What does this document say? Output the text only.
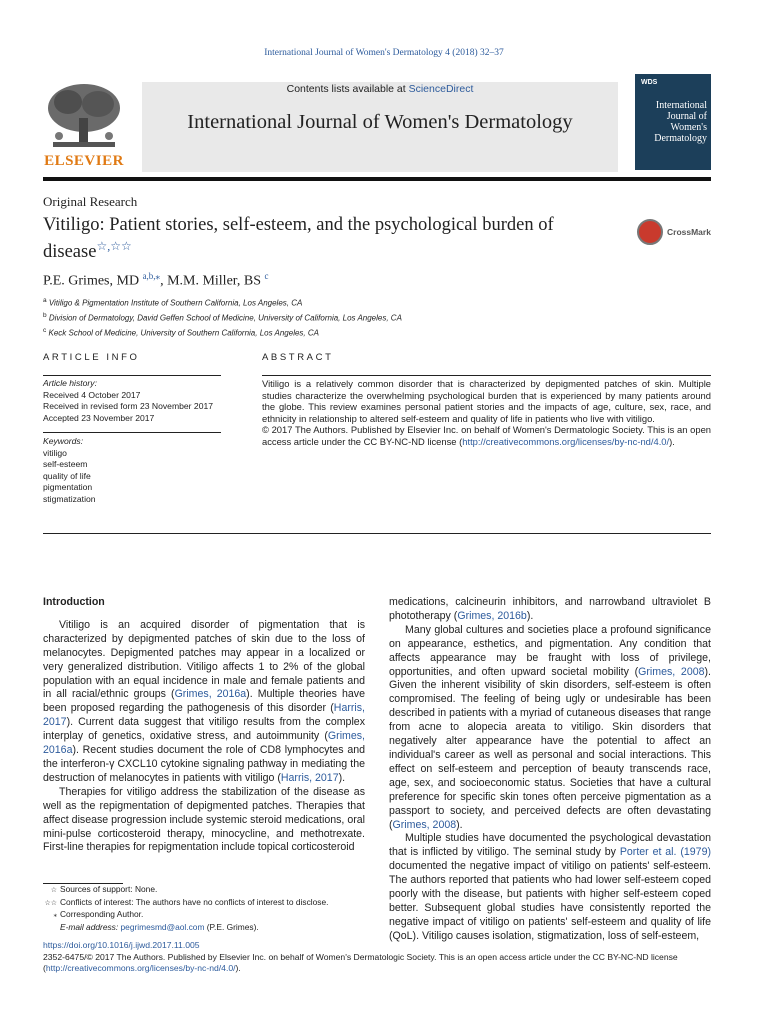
International Journal of Women's Dermatology 4 (2018) 32–37
ELSEVIER
Contents lists available at ScienceDirect
International Journal of Women's Dermatology
WDS
International
Journal of
Women's
Dermatology
Original Research
Vitiligo: Patient stories, self-esteem, and the psychological burden of disease☆,☆☆
CrossMark
P.E. Grimes, MD $^{a,b,⁎}$, M.M. Miller, BS $^c$
$^a$ Vitiligo & Pigmentation Institute of Southern California, Los Angeles, CA
$^b$ Division of Dermatology, David Geffen School of Medicine, University of California, Los Angeles, CA
$^c$ Keck School of Medicine, University of Southern California, Los Angeles, CA
ARTICLE INFO	ABSTRACT
Article history:
Received 4 October 2017
Received in revised form 23 November 2017
Accepted 23 November 2017
Keywords:
vitiligo
self-esteem
quality of life
pigmentation
stigmatization
Vitiligo is a relatively common disorder that is characterized by depigmented patches of skin. Multiple studies characterize the overwhelming psychological burden that is experienced by many patients around the globe. This review examines personal patient stories and the impacts of age, culture, sex, race, and ethnicity in relationship to altered self-esteem and quality of life in patients who live with vitiligo.
© 2017 The Authors. Published by Elsevier Inc. on behalf of Women's Dermatologic Society. This is an open access article under the CC BY-NC-ND license (http://creativecommons.org/licenses/by-nc-nd/4.0/).

Introduction

Vitiligo is an acquired disorder of pigmentation that is characterized by depigmented patches of skin due to the loss of melanocytes. Depigmented patches may appear in a localized or very generalized distribution. Vitiligo affects 1 to 2% of the global population with an equal incidence in male and female patients and in all racial/ethnic groups (Grimes, 2016a). Multiple theories have been proposed regarding the pathogenesis of this disorder (Harris, 2017). Current data suggest that vitiligo results from the complex interplay of genetics, oxidative stress, and autoimmunity (Grimes, 2016a). Recent studies document the role of CD8 lymphocytes and the interferon-γ CXCL10 cytokine signaling pathway in mediating the destruction of melanocytes in patients with vitiligo (Harris, 2017).

Therapies for vitiligo address the stabilization of the disease as well as the repigmentation of depigmented patches. Therapies that affect disease progression include systemic steroid medications, oral mini-pulse corticosteroid therapy, minocycline, and methotrexate. First-line therapies for repigmentation include topical corticosteroid

medications, calcineurin inhibitors, and narrowband ultraviolet B phototherapy (Grimes, 2016b).

Many global cultures and societies place a profound significance on appearance, esthetics, and pigmentation. Any condition that affects appearance may be fraught with loss of privilege, opportunities, and often upward societal mobility (Grimes, 2008). Given the inherent visibility of skin disorders, self-esteem is often compromised. The feeling of being ugly or undesirable has been described in patients with a myriad of cutaneous diseases that range from acne to alopecia areata to vitiligo. Skin disorders that negatively alter appearance have the potential to affect an individual's career as well as personal and social interactions. This effect on self-esteem and perception of beauty transcends race, age, sex, and socioeconomic status. Societies that have a cultural preference for specific skin tones often perceive pigmentation as a passport to society, and perceived defects are often devastating (Grimes, 2008).

Multiple studies have documented the psychological devastation that is inflicted by vitiligo. The seminal study by Porter et al. (1979) documented the negative impact of vitiligo on patients' self-esteem. The authors reported that patients who had lower self-esteem coped poorly with the disease, but patients with higher self-esteem coped better. Subsequent global studies have consistently reported the negative impact of vitiligo on patients' self-esteem and quality of life (QoL). Vitiligo causes isolation, stigmatization, loss of self-esteem,

☆ Sources of support: None.
☆☆ Conflicts of interest: The authors have no conflicts of interest to disclose.
⁎ Corresponding Author.
E-mail address: pegrimesmd@aol.com (P.E. Grimes).
https://doi.org/10.1016/j.ijwd.2017.11.005
2352-6475/© 2017 The Authors. Published by Elsevier Inc. on behalf of Women's Dermatologic Society. This is an open access article under the CC BY-NC-ND license (http://creativecommons.org/licenses/by-nc-nd/4.0/).
